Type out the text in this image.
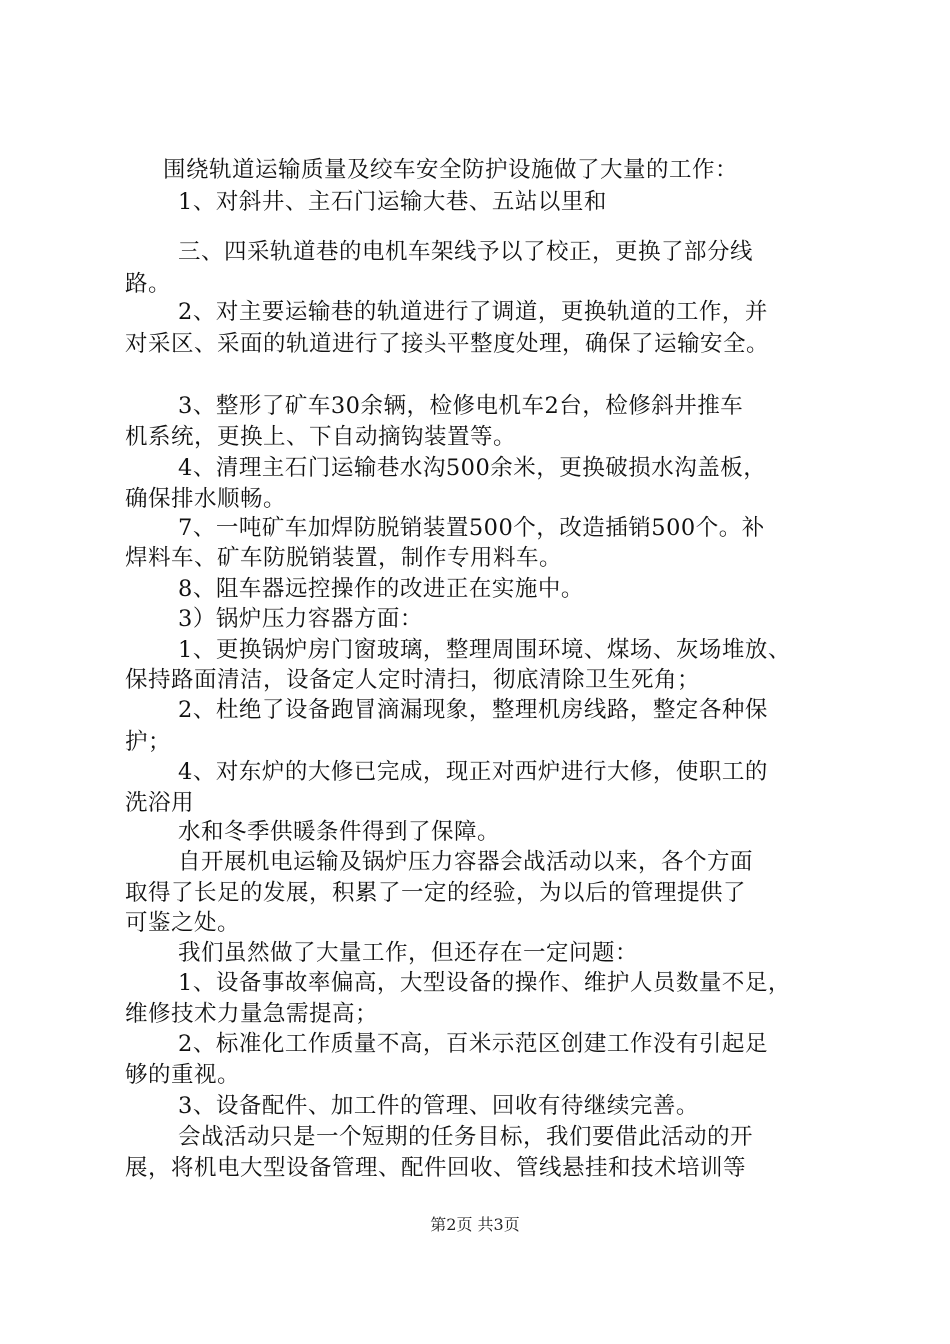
围绕轨道运输质量及绞车安全防护设施做了大量的工作：
1、对斜井、主石门运输大巷、五站以里和
三、四采轨道巷的电机车架线予以了校正，更换了部分线
路。
2、对主要运输巷的轨道进行了调道，更换轨道的工作，并
对采区、采面的轨道进行了接头平整度处理，确保了运输安全。
3、整形了矿车30余辆，检修电机车2台，检修斜井推车
机系统，更换上、下自动摘钩装置等。
4、清理主石门运输巷水沟500余米，更换破损水沟盖板，
确保排水顺畅。
7、一吨矿车加焊防脱销装置500个，改造插销500个。补
焊料车、矿车防脱销装置，制作专用料车。
8、阻车器远控操作的改进正在实施中。
3）锅炉压力容器方面：
1、更换锅炉房门窗玻璃，整理周围环境、煤场、灰场堆放、
保持路面清洁，设备定人定时清扫，彻底清除卫生死角；
2、杜绝了设备跑冒滴漏现象，整理机房线路，整定各种保
护；
4、对东炉的大修已完成，现正对西炉进行大修，使职工的
洗浴用
水和冬季供暖条件得到了保障。
自开展机电运输及锅炉压力容器会战活动以来，各个方面
取得了长足的发展，积累了一定的经验，为以后的管理提供了
可鉴之处。
我们虽然做了大量工作，但还存在一定问题：
1、设备事故率偏高，大型设备的操作、维护人员数量不足，
维修技术力量急需提高；
2、标准化工作质量不高，百米示范区创建工作没有引起足
够的重视。
3、设备配件、加工件的管理、回收有待继续完善。
会战活动只是一个短期的任务目标，我们要借此活动的开
展，将机电大型设备管理、配件回收、管线悬挂和技术培训等
第2页 共3页
